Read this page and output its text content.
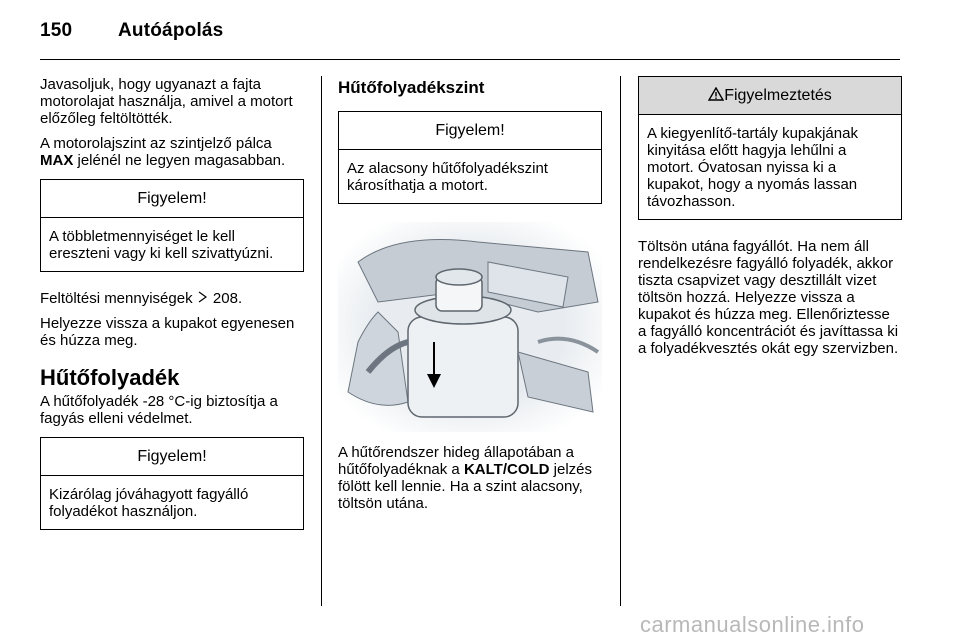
150 Autóápolás

Javasoljuk, hogy ugyanazt a fajta motorolajat használja, amivel a motort előzőleg feltöltötték.

A motorolajszint az szintjelző pálca MAX jelénél ne legyen magasabban.

Figyelem!
A többletmennyiséget le kell ereszteni vagy ki kell szivattyúzni.

Feltöltési mennyiségek  208.

Helyezze vissza a kupakot egyenesen és húzza meg.

Hűtőfolyadék

A hűtőfolyadék -28 °C-ig biztosítja a fagyás elleni védelmet.

Figyelem!
Kizárólag jóváhagyott fagyálló folyadékot használjon.
Hűtőfolyadékszint
Figyelem!
Az alacsony hűtőfolyadékszint károsíthatja a motort.

A hűtőrendszer hideg állapotában a hűtőfolyadéknak a KALT/COLD jelzés fölött kell lennie. Ha a szint alacsony, töltsön utána.

Figyelmeztetés
A kiegyenlítő-tartály kupakjának kinyitása előtt hagyja lehűlni a motort. Óvatosan nyissa ki a kupakot, hogy a nyomás lassan távozhasson.

Töltsön utána fagyállót. Ha nem áll rendelkezésre fagyálló folyadék, akkor tiszta csapvizet vagy desztillált vizet töltsön hozzá. Helyezze vissza a kupakot és húzza meg. Ellenőriztesse a fagyálló koncentrációt és javíttassa ki a folyadékvesztés okát egy szervizben.

carmanualsonline.info
